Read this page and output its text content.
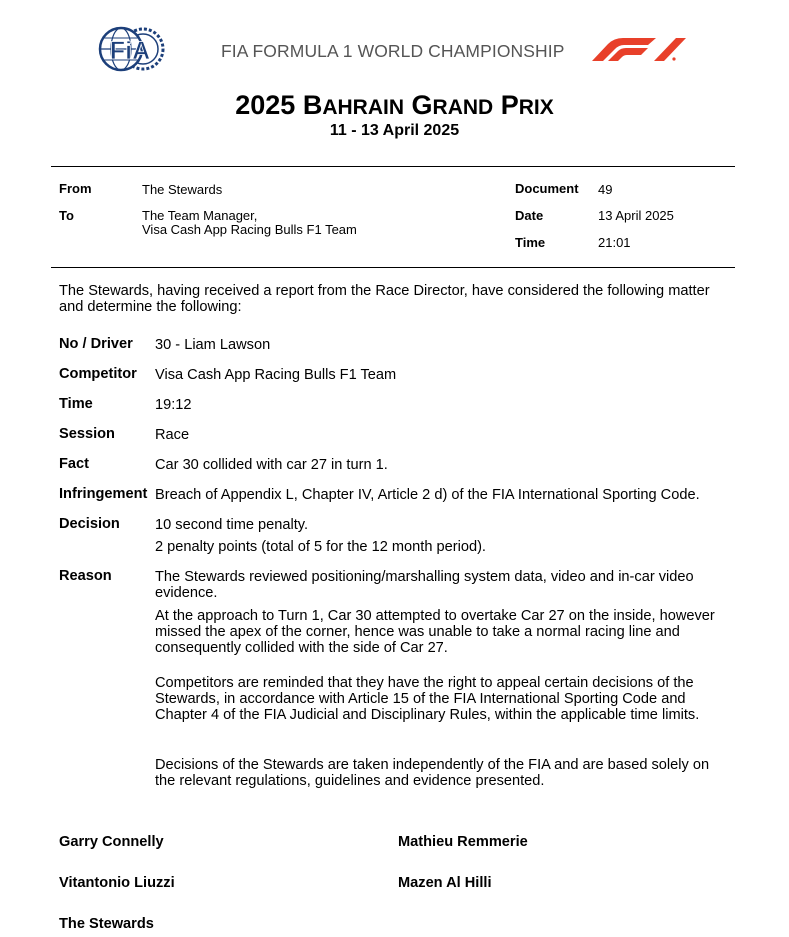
FiA	FIA FORMULA 1 WORLD CHAMPIONSHIP
2025 BAHRAIN GRAND PRIX
11 - 13 April 2025
From	The Stewards
To	The Team Manager,
Visa Cash App Racing Bulls F1 Team
Document 49
Date	13 April 2025
Time	21:01
The Stewards, having received a report from the Race Director, have considered the following matter and determine the following:
No / Driver 30 - Liam Lawson
Competitor Visa Cash App Racing Bulls F1 Team
Time	19:12
Session	Race
Fact	Car 30 collided with car 27 in turn 1.
Infringement Breach of Appendix L, Chapter IV, Article 2 d) of the FIA International Sporting Code.
Decision 10 second time penalty.
2 penalty points (total of 5 for the 12 month period).
Reason	The Stewards reviewed positioning/marshalling system data, video and in-car video evidence.
At the approach to Turn 1, Car 30 attempted to overtake Car 27 on the inside, however missed the apex of the corner, hence was unable to take a normal racing line and consequently collided with the side of Car 27.
Competitors are reminded that they have the right to appeal certain decisions of the Stewards, in accordance with Article 15 of the FIA International Sporting Code and Chapter 4 of the FIA Judicial and Disciplinary Rules, within the applicable time limits.
Decisions of the Stewards are taken independently of the FIA and are based solely on the relevant regulations, guidelines and evidence presented.
Garry Connelly	Mathieu Remmerie
Vitantonio Liuzzi	Mazen Al Hilli
The Stewards
